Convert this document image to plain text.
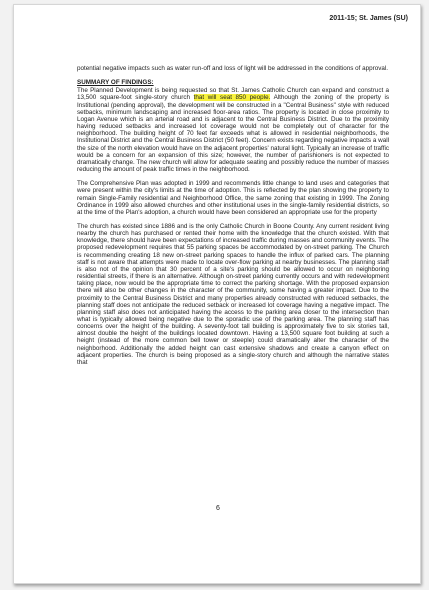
2011-15; St. James (SU)

potential negative impacts such as water run-off and loss of light will be addressed in the conditions of approval.

SUMMARY OF FINDINGS:

The Planned Development is being requested so that St. James Catholic Church can expand and construct a 13,500 square-foot single-story church that will seat 850 people. Although the zoning of the property is Institutional (pending approval), the development will be constructed in a "Central Business" style with reduced setbacks, minimum landscaping and increased floor-area ratios. The property is located in close proximity to Logan Avenue which is an arterial road and is adjacent to the Central Business District. Due to the proximity having reduced setbacks and increased lot coverage would not be completely out of character for the neighborhood. The building height of 70 feet far exceeds what is allowed in residential neighborhoods, the Institutional District and the Central Business District (50 feet). Concern exists regarding negative impacts a wall the size of the north elevation would have on the adjacent properties' natural light. Typically an increase of traffic would be a concern for an expansion of this size; however, the number of parishioners is not expected to dramatically change. The new church will allow for adequate seating and possibly reduce the number of masses reducing the amount of peak traffic times in the neighborhood.

The Comprehensive Plan was adopted in 1999 and recommends little change to land uses and categories that were present within the city's limits at the time of adoption. This is reflected by the plan showing the property to remain Single-Family residential and Neighborhood Office, the same zoning that existing in 1999. The Zoning Ordinance in 1999 also allowed churches and other institutional uses in the single-family residential districts, so at the time of the Plan's adoption, a church would have been considered an appropriate use for the property

The church has existed since 1886 and is the only Catholic Church in Boone County. Any current resident living nearby the church has purchased or rented their home with the knowledge that the church existed. With that knowledge, there should have been expectations of increased traffic during masses and community events. The proposed redevelopment requires that 55 parking spaces be accommodated by on-street parking. The Church is recommending creating 18 new on-street parking spaces to handle the influx of parked cars. The planning staff is not aware that attempts were made to locate over-flow parking at nearby businesses. The planning staff is also not of the opinion that 30 percent of a site's parking should be allowed to occur on neighboring residential streets, if there is an alternative. Although on-street parking currently occurs and with redevelopment taking place, now would be the appropriate time to correct the parking shortage. With the proposed expansion there will also be other changes in the character of the community, some having a greater impact. Due to the proximity to the Central Business District and many properties already constructed with reduced setbacks, the planning staff does not anticipate the reduced setback or increased lot coverage having a negative impact. The planning staff also does not anticipated having the access to the parking area closer to the intersection than what is typically allowed being negative due to the sporadic use of the parking area. The planning staff has concerns over the height of the building. A seventy-foot tall building is approximately five to six stories tall, almost double the height of the buildings located downtown. Having a 13,500 square foot building at such a height (instead of the more common bell tower or steeple) could dramatically alter the character of the neighborhood. Additionally the added height can cast extensive shadows and create a canyon effect on adjacent properties. The church is being proposed as a single-story church and although the narrative states that

6
